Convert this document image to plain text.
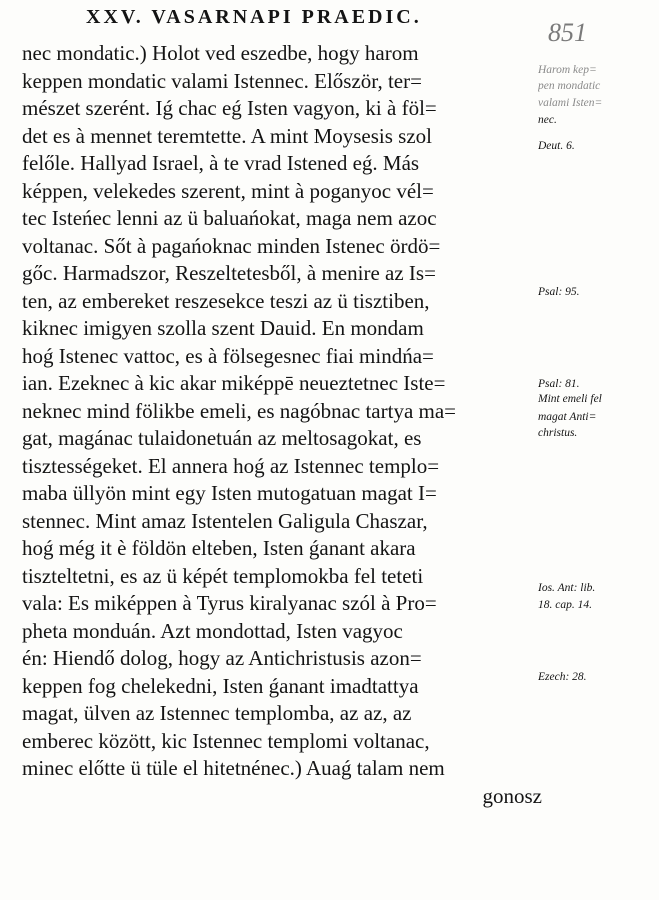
XXV. VASARNAPI PRAEDIC.
851
nec mondatic.) Holot ved eszedbe, hogy harom
keppen mondatic valami Istennec. Először, ter=
mészet szerént. Iǵ chac eǵ Isten vagyon, ki à föl=
det es à mennet teremtette. A mint Moysesis szol
felőle. Hallyad Israel, à te vrad Istened eǵ. Más
képpen, velekedes szerent, mint à poganyoc vél=
tec Isteńec lenni az ü baluańokat, maga nem azoc
voltanac. Sőt à pagańoknac minden Istenec ördö=
gőc. Harmadszor, Reszeltetesből, à menire az Is=
ten, az embereket reszesekce teszi az ü tisztiben,
kiknec imigyen szolla szent Dauid. En mondam
hoǵ Istenec vattoc, es à fölsegesnec fiai mindńa=
ian. Ezeknec à kic akar miképpē neueztetnec Iste=
neknec mind fölikbe emeli, es nagóbnac tartya ma=
gat, magánac tulaidonetuán az meltosagokat, es
tisztességeket. El annera hoǵ az Istennec templo=
maba üllyön mint egy Isten mutogatuan magat I=
stennec. Mint amaz Istentelen Galigula Chaszar,
hoǵ még it è földön elteben, Isten ǵanant akara
tiszteltetni, es az ü képét templomokba fel teteti
vala: Es miképpen à Tyrus kiralyanac szól à Pro=
pheta monduán. Azt mondottad, Isten vagyoc
én: Hiendő dolog, hogy az Antichristusis azon=
keppen fog chelekedni, Isten ǵanant imadtattya
magat, ülven az Istennec templomba, az az, az
emberec között, kic Istennec templomi voltanac,
minec előtte ü tüle el hitetnénec.) Auaǵ talam nem
gonosz
Harom kep=
pen mondatic
valami Isten=
nec.
Deut. 6.
Psal: 95.
Psal: 81.
Mint emeli fel
magat Anti=
christus.
Ios. Ant: lib.
18. cap. 14.
Ezech: 28.
